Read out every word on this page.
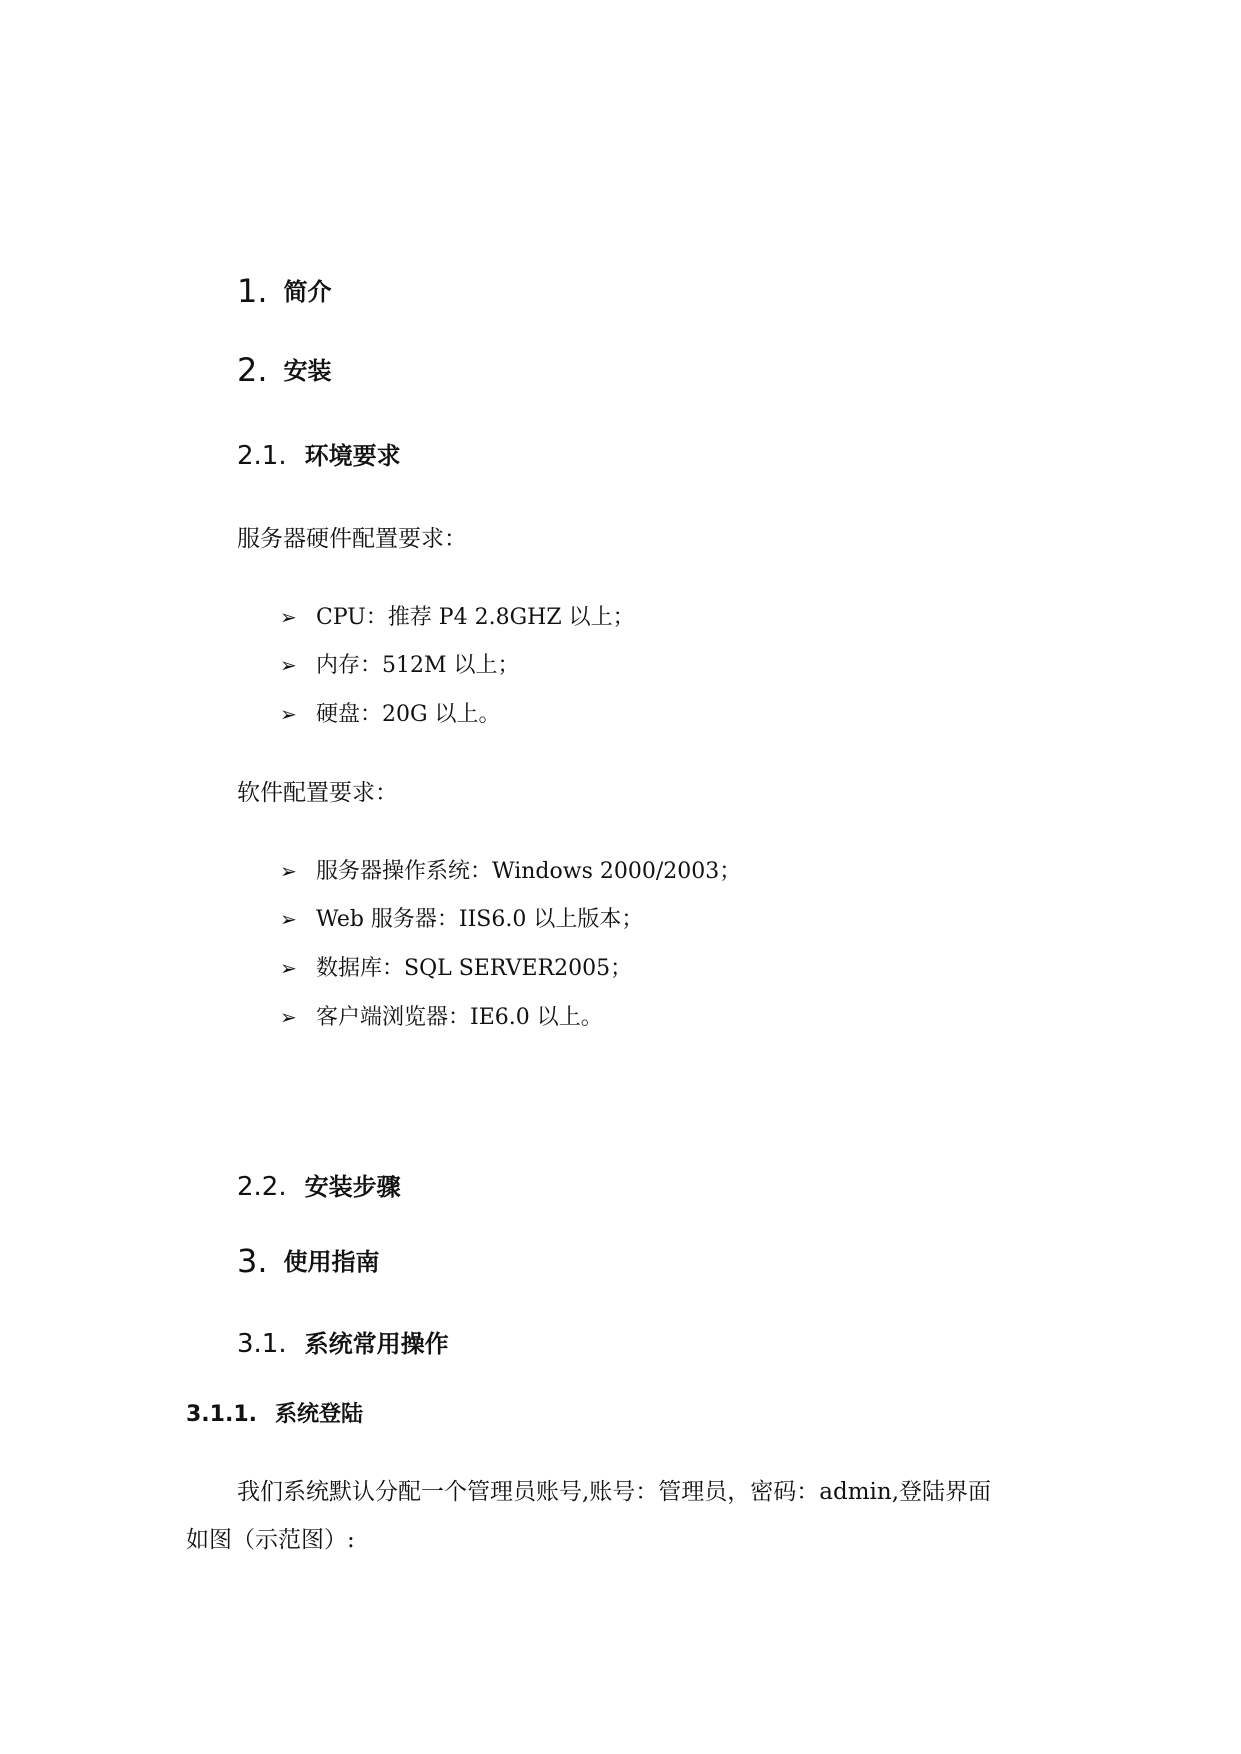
1. 简介
2. 安装
2.1. 环境要求
服务器硬件配置要求：
➢ CPU：推荐 P4 2.8GHZ 以上；
➢ 内存：512M 以上；
➢ 硬盘：20G 以上。
软件配置要求：
➢ 服务器操作系统：Windows 2000/2003；
➢ Web 服务器：IIS6.0 以上版本；
➢ 数据库：SQL SERVER2005；
➢ 客户端浏览器：IE6.0 以上。
2.2. 安装步骤
3. 使用指南
3.1. 系统常用操作
3.1.1. 系统登陆
我们系统默认分配一个管理员账号,账号：管理员，密码：admin,登陆界面
如图（示范图）:
